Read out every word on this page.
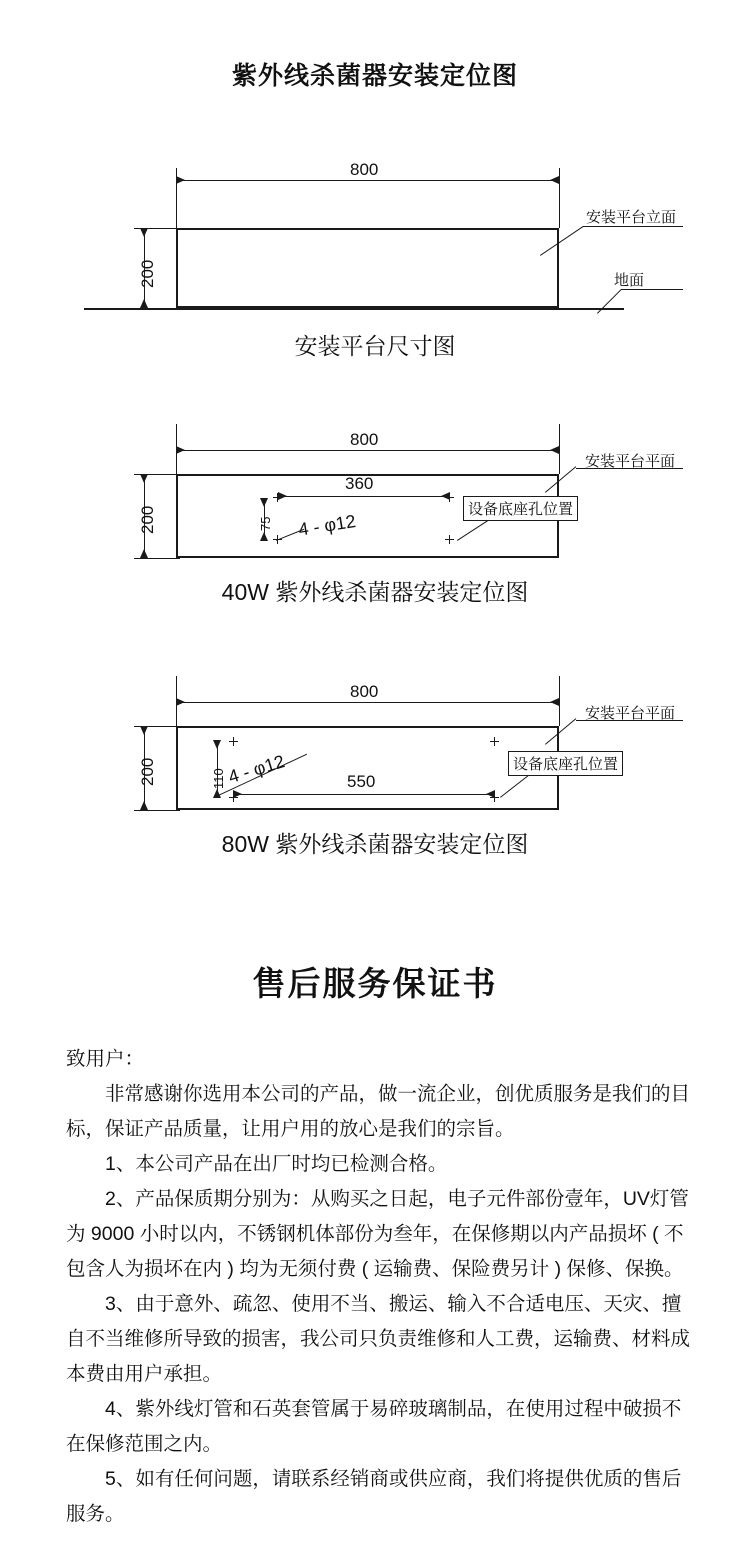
紫外线杀菌器安装定位图
800
200
安装平台立面
地面
安装平台尺寸图
800
200
360
75 4 - φ12
安装平台平面
设备底座孔位置
40W 紫外线杀菌器安装定位图
800
200	550
110 4 - φ12
安装平台平面
设备底座孔位置
80W 紫外线杀菌器安装定位图
售后服务保证书

致用户：

非常感谢你选用本公司的产品，做一流企业，创优质服务是我们的目标，保证产品质量，让用户用的放心是我们的宗旨。

1、本公司产品在出厂时均已检测合格。

2、产品保质期分别为：从购买之日起，电子元件部份壹年，UV灯管为 9000 小时以内，不锈钢机体部份为叁年，在保修期以内产品损坏 ( 不包含人为损坏在内 ) 均为无须付费 ( 运输费、保险费另计 ) 保修、保换。

3、由于意外、疏忽、使用不当、搬运、输入不合适电压、天灾、擅自不当维修所导致的损害，我公司只负责维修和人工费，运输费、材料成本费由用户承担。

4、紫外线灯管和石英套管属于易碎玻璃制品，在使用过程中破损不在保修范围之内。

5、如有任何问题，请联系经销商或供应商，我们将提供优质的售后服务。
